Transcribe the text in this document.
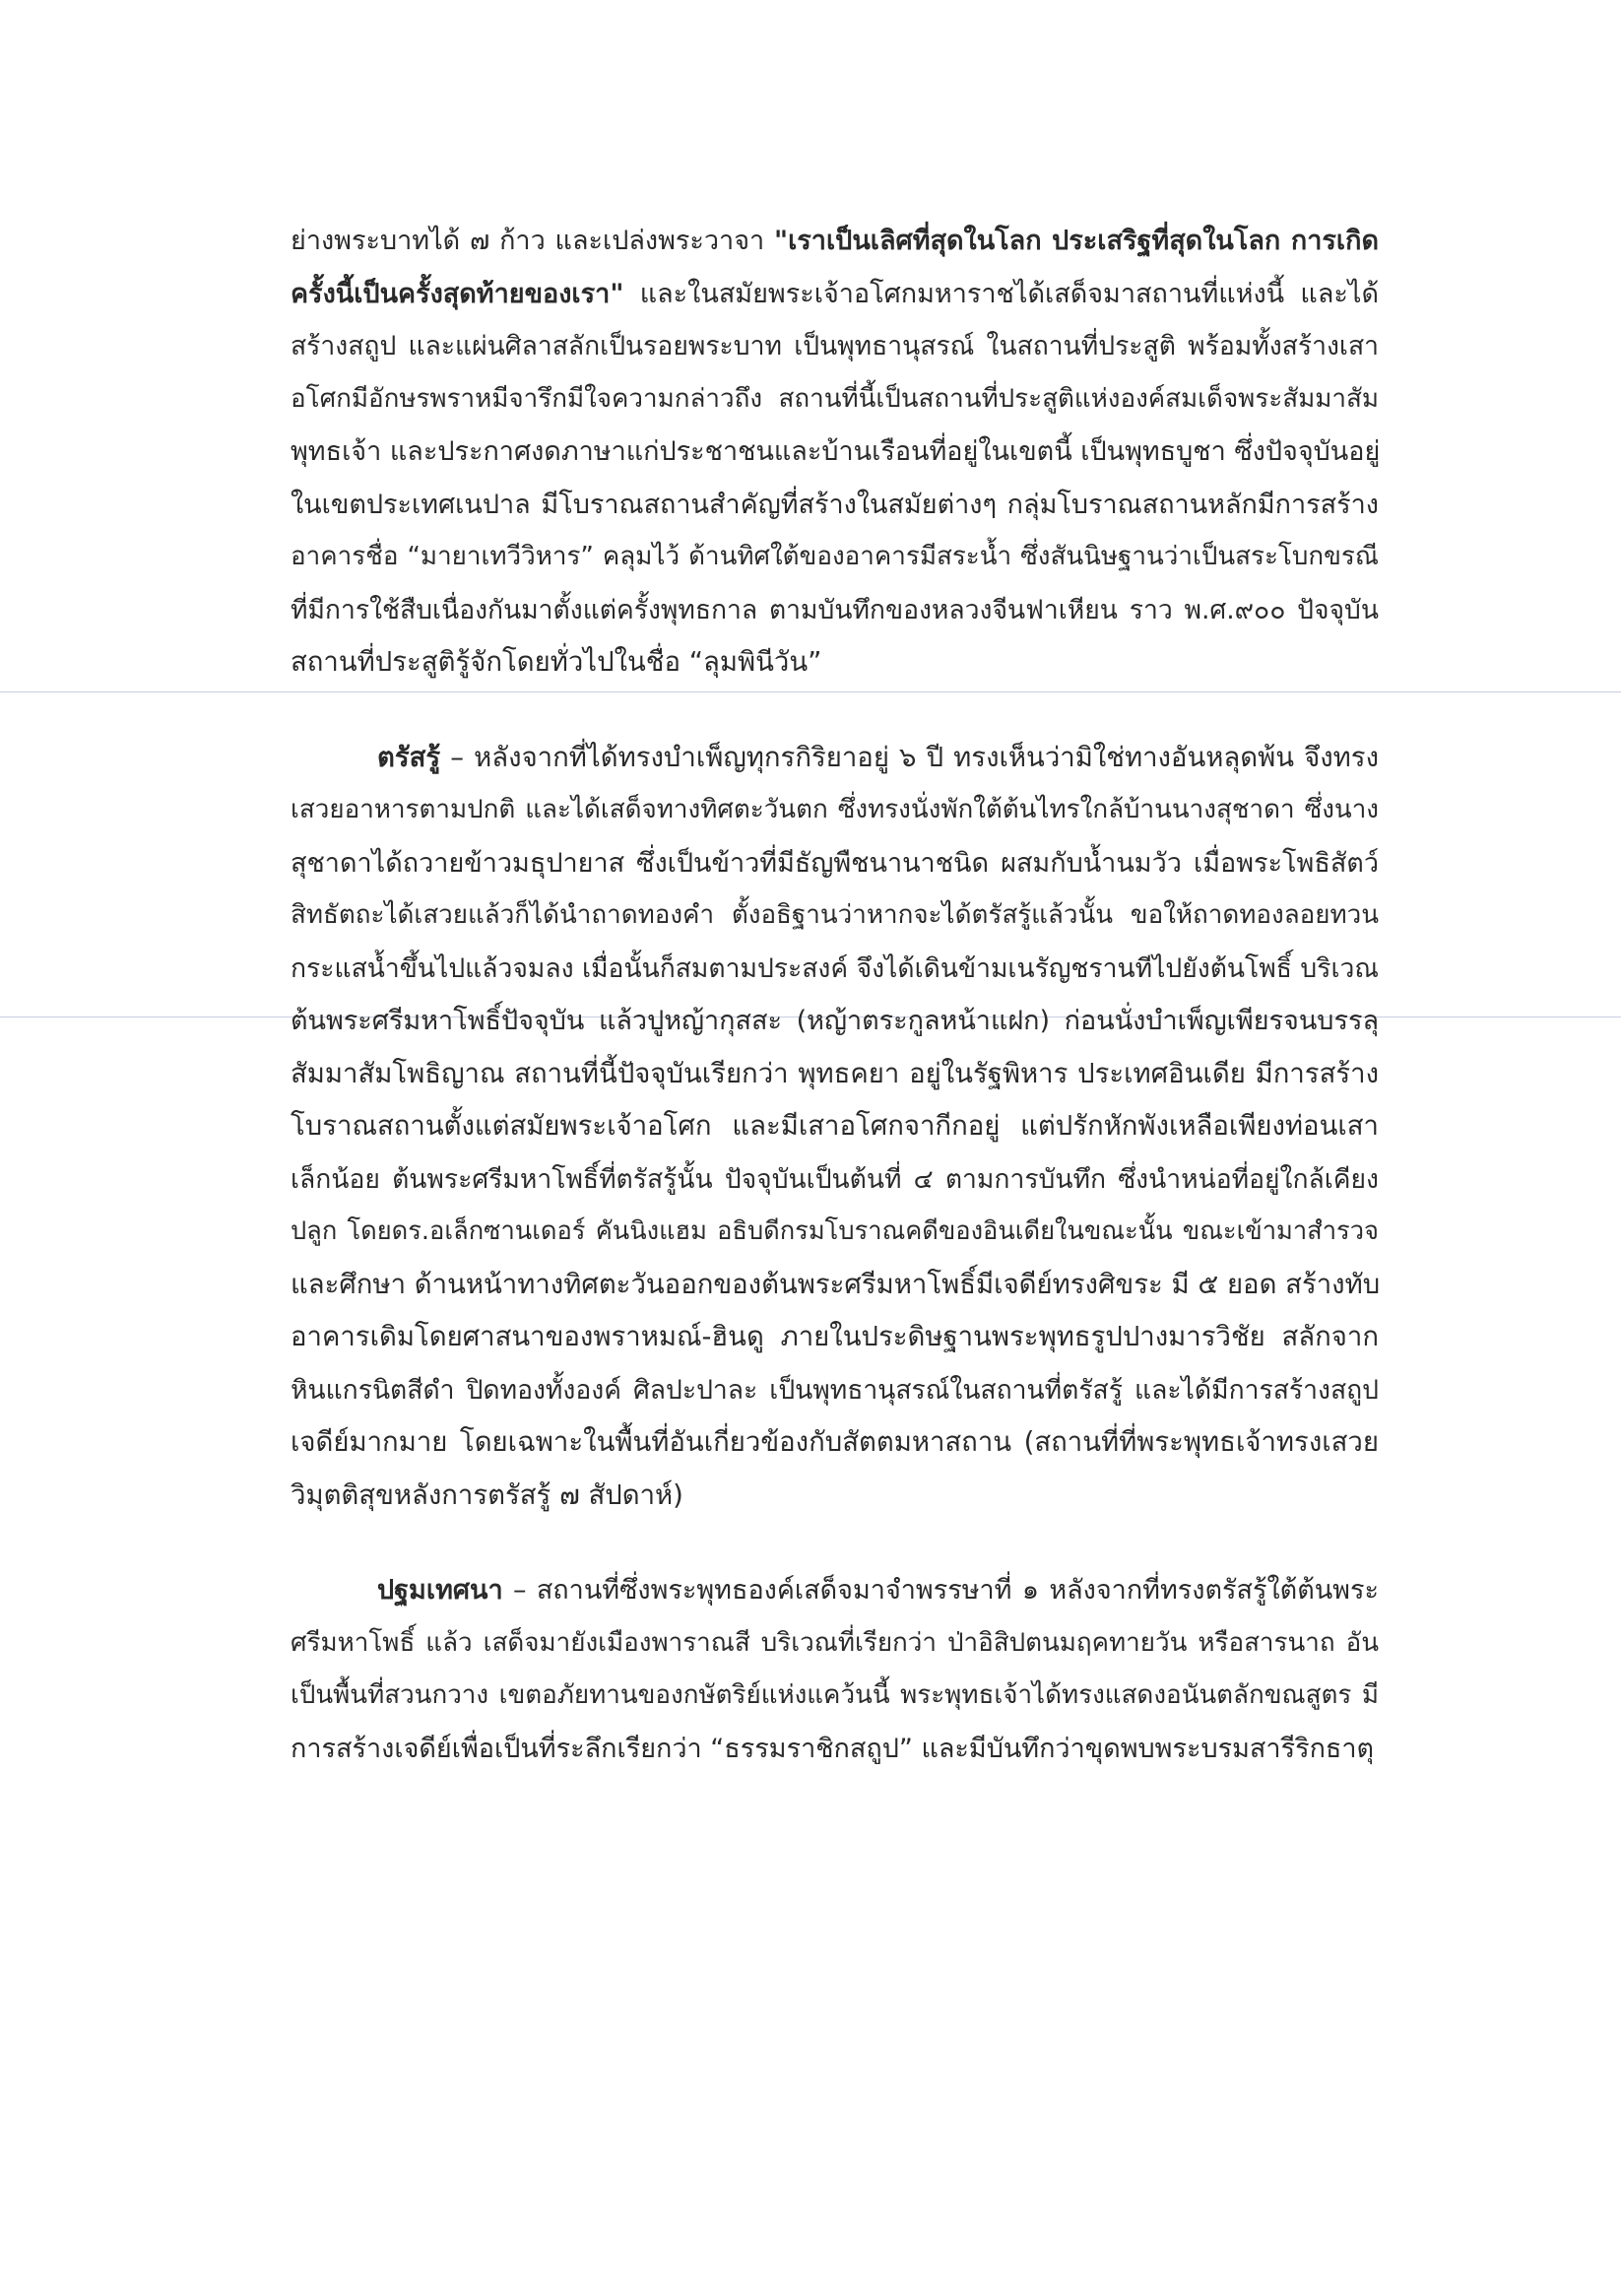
ย่างพระบาทได้ ๗ ก้าว และเปล่งพระวาจา "เราเป็นเลิศที่สุดในโลก ประเสริฐที่สุดในโลก การเกิด
ครั้งนี้เป็นครั้งสุดท้ายของเรา" และในสมัยพระเจ้าอโศกมหาราชได้เสด็จมาสถานที่แห่งนี้ และได้
สร้างสถูป และแผ่นศิลาสลักเป็นรอยพระบาท เป็นพุทธานุสรณ์ ในสถานที่ประสูติ พร้อมทั้งสร้างเสา
อโศกมีอักษรพราหมีจารึกมีใจความกล่าวถึง สถานที่นี้เป็นสถานที่ประสูติแห่งองค์สมเด็จพระสัมมาสัม
พุทธเจ้า และประกาศงดภาษาแก่ประชาชนและบ้านเรือนที่อยู่ในเขตนี้ เป็นพุทธบูชา ซึ่งปัจจุบันอยู่
ในเขตประเทศเนปาล มีโบราณสถานสำคัญที่สร้างในสมัยต่างๆ กลุ่มโบราณสถานหลักมีการสร้าง
อาคารชื่อ “มายาเทวีวิหาร” คลุมไว้ ด้านทิศใต้ของอาคารมีสระน้ำ ซึ่งสันนิษฐานว่าเป็นสระโบกขรณี
ที่มีการใช้สืบเนื่องกันมาตั้งแต่ครั้งพุทธกาล ตามบันทึกของหลวงจีนฟาเหียน ราว พ.ศ.๙๐๐ ปัจจุบัน
สถานที่ประสูติรู้จักโดยทั่วไปในชื่อ “ลุมพินีวัน”
ตรัสรู้ – หลังจากที่ได้ทรงบำเพ็ญทุกรกิริยาอยู่ ๖ ปี ทรงเห็นว่ามิใช่ทางอันหลุดพ้น จึงทรง
เสวยอาหารตามปกติ และได้เสด็จทางทิศตะวันตก ซึ่งทรงนั่งพักใต้ต้นไทรใกล้บ้านนางสุชาดา ซึ่งนาง
สุชาดาได้ถวายข้าวมธุปายาส ซึ่งเป็นข้าวที่มีธัญพืชนานาชนิด ผสมกับน้ำนมวัว เมื่อพระโพธิสัตว์
สิทธัตถะได้เสวยแล้วก็ได้นำถาดทองคำ ตั้งอธิฐานว่าหากจะได้ตรัสรู้แล้วนั้น ขอให้ถาดทองลอยทวน
กระแสน้ำขึ้นไปแล้วจมลง เมื่อนั้นก็สมตามประสงค์ จึงได้เดินข้ามเนรัญชรานทีไปยังต้นโพธิ์ บริเวณ
ต้นพระศรีมหาโพธิ์ปัจจุบัน แล้วปูหญ้ากุสสะ (หญ้าตระกูลหน้าแฝก) ก่อนนั่งบำเพ็ญเพียรจนบรรลุ
สัมมาสัมโพธิญาณ สถานที่นี้ปัจจุบันเรียกว่า พุทธคยา อยู่ในรัฐพิหาร ประเทศอินเดีย มีการสร้าง
โบราณสถานตั้งแต่สมัยพระเจ้าอโศก และมีเสาอโศกจากีกอยู่ แต่ปรักหักพังเหลือเพียงท่อนเสา
เล็กน้อย ต้นพระศรีมหาโพธิ์ที่ตรัสรู้นั้น ปัจจุบันเป็นต้นที่ ๔ ตามการบันทึก ซึ่งนำหน่อที่อยู่ใกล้เคียง
ปลูก โดยดร.อเล็กซานเดอร์ คันนิงแฮม อธิบดีกรมโบราณคดีของอินเดียในขณะนั้น ขณะเข้ามาสำรวจ
และศึกษา ด้านหน้าทางทิศตะวันออกของต้นพระศรีมหาโพธิ์มีเจดีย์ทรงศิขระ มี ๕ ยอด สร้างทับ
อาคารเดิมโดยศาสนาของพราหมณ์-ฮินดู ภายในประดิษฐานพระพุทธรูปปางมารวิชัย สลักจาก
หินแกรนิตสีดำ ปิดทองทั้งองค์ ศิลปะปาละ เป็นพุทธานุสรณ์ในสถานที่ตรัสรู้ และได้มีการสร้างสถูป
เจดีย์มากมาย โดยเฉพาะในพื้นที่อันเกี่ยวข้องกับสัตตมหาสถาน (สถานที่ที่พระพุทธเจ้าทรงเสวย
วิมุตติสุขหลังการตรัสรู้ ๗ สัปดาห์)
ปฐมเทศนา – สถานที่ซึ่งพระพุทธองค์เสด็จมาจำพรรษาที่ ๑ หลังจากที่ทรงตรัสรู้ใต้ต้นพระ
ศรีมหาโพธิ์ แล้ว เสด็จมายังเมืองพาราณสี บริเวณที่เรียกว่า ป่าอิสิปตนมฤคทายวัน หรือสารนาถ อัน
เป็นพื้นที่สวนกวาง เขตอภัยทานของกษัตริย์แห่งแคว้นนี้ พระพุทธเจ้าได้ทรงแสดงอนันตลักขณสูตร มี
การสร้างเจดีย์เพื่อเป็นที่ระลึกเรียกว่า “ธรรมราชิกสถูป” และมีบันทึกว่าขุดพบพระบรมสารีริกธาตุ
